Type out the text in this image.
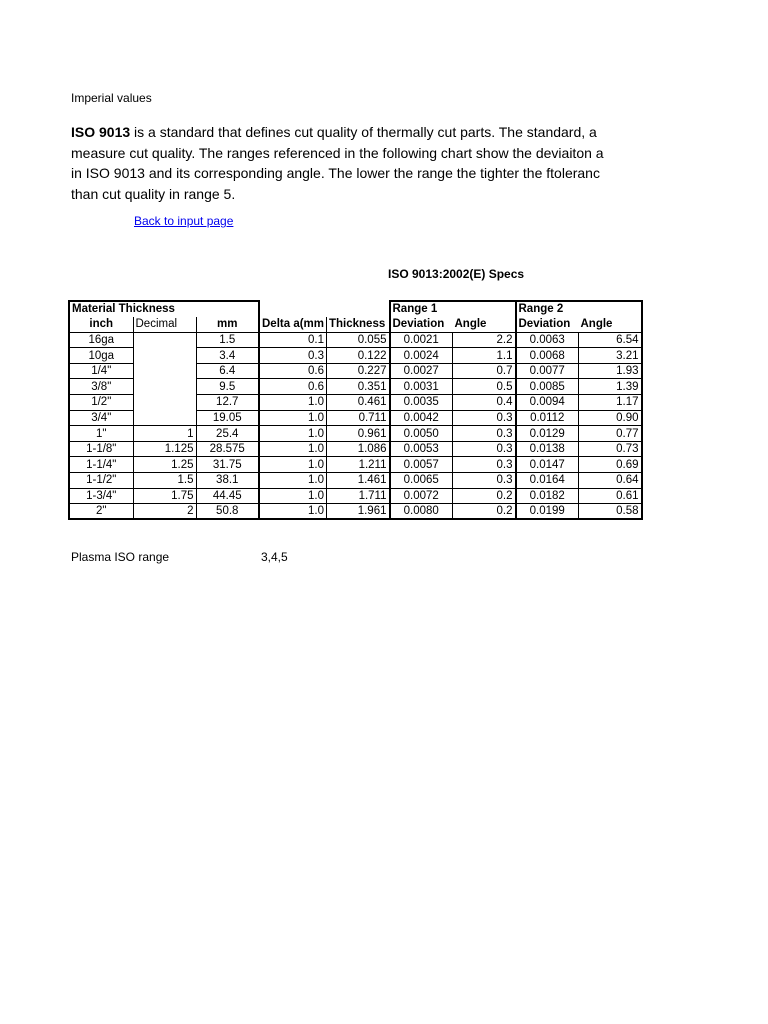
Imperial values
ISO 9013 is a standard that defines cut quality of thermally cut parts. The standard, a
measure cut quality. The ranges referenced in the following chart show the deviaiton a
in ISO 9013 and its corresponding angle. The lower the range the tighter the ftoleranc
than cut quality in range 5.
Back to input page
ISO 9013:2002(E) Specs
Material Thickness					Range 1		Range 2	
inch	Decimal	mm	Delta a(mm	Thickness	Deviation	Angle	Deviation	Angle
16ga		1.5	0.1	0.055	0.0021	2.2	0.0063	6.54
10ga		3.4	0.3	0.122	0.0024	1.1	0.0068	3.21
1/4"		6.4	0.6	0.227	0.0027	0.7	0.0077	1.93
3/8"		9.5	0.6	0.351	0.0031	0.5	0.0085	1.39
1/2"		12.7	1.0	0.461	0.0035	0.4	0.0094	1.17
3/4"		19.05	1.0	0.711	0.0042	0.3	0.0112	0.90
1"	1	25.4	1.0	0.961	0.0050	0.3	0.0129	0.77
1-1/8"	1.125	28.575	1.0	1.086	0.0053	0.3	0.0138	0.73
1-1/4"	1.25	31.75	1.0	1.211	0.0057	0.3	0.0147	0.69
1-1/2"	1.5	38.1	1.0	1.461	0.0065	0.3	0.0164	0.64
1-3/4"	1.75	44.45	1.0	1.711	0.0072	0.2	0.0182	0.61
2"	2	50.8	1.0	1.961	0.0080	0.2	0.0199	0.58
Plasma ISO range	3,4,5
